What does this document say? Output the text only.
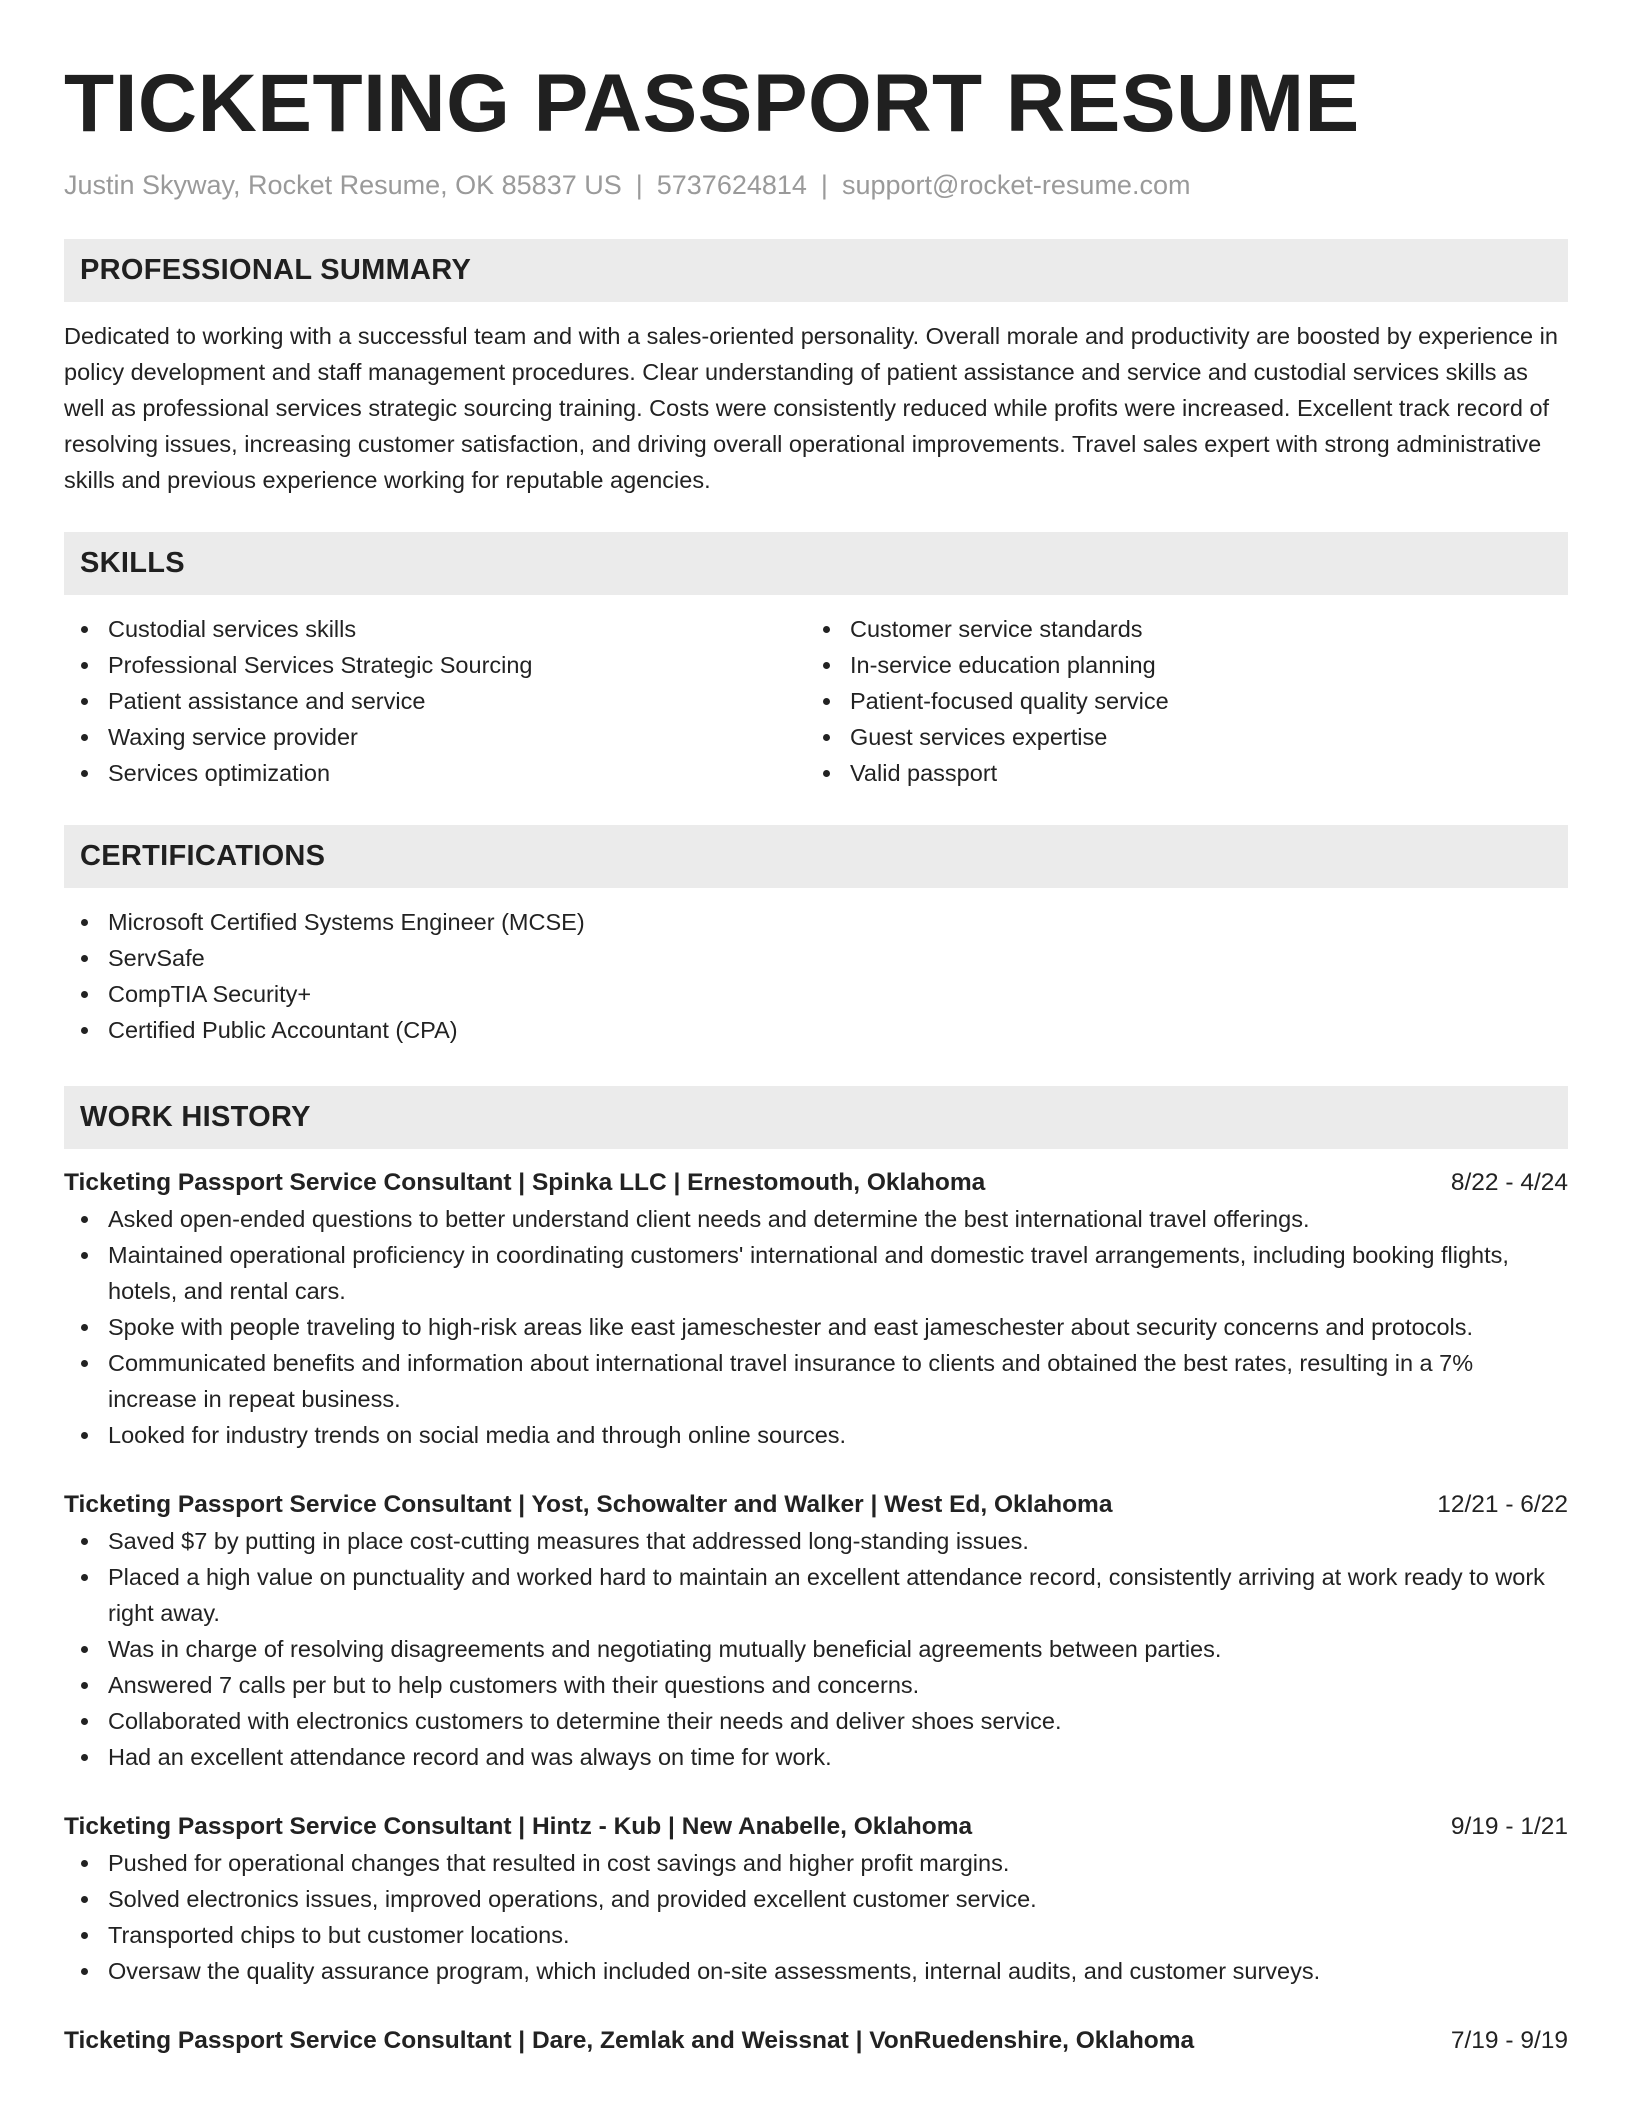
TICKETING PASSPORT RESUME
Justin Skyway, Rocket Resume, OK 85837 US | 5737624814 | support@rocket-resume.com
PROFESSIONAL SUMMARY

Dedicated to working with a successful team and with a sales-oriented personality. Overall morale and productivity are boosted by experience in policy development and staff management procedures. Clear understanding of patient assistance and service and custodial services skills as well as professional services strategic sourcing training. Costs were consistently reduced while profits were increased. Excellent track record of resolving issues, increasing customer satisfaction, and driving overall operational improvements. Travel sales expert with strong administrative skills and previous experience working for reputable agencies.

SKILLS
Custodial services skills
Professional Services Strategic Sourcing
Patient assistance and service
Waxing service provider
Services optimization
Customer service standards
In-service education planning
Patient-focused quality service
Guest services expertise
Valid passport
CERTIFICATIONS
Microsoft Certified Systems Engineer (MCSE)
ServSafe
CompTIA Security+
Certified Public Accountant (CPA)
WORK HISTORY
Ticketing Passport Service Consultant | Spinka LLC | Ernestomouth, Oklahoma	8/22 - 4/24
Asked open-ended questions to better understand client needs and determine the best international travel offerings.
Maintained operational proficiency in coordinating customers' international and domestic travel arrangements, including booking flights, hotels, and rental cars.
Spoke with people traveling to high-risk areas like east jameschester and east jameschester about security concerns and protocols.
Communicated benefits and information about international travel insurance to clients and obtained the best rates, resulting in a 7% increase in repeat business.
Looked for industry trends on social media and through online sources.
Ticketing Passport Service Consultant | Yost, Schowalter and Walker | West Ed, Oklahoma	12/21 - 6/22
Saved $7 by putting in place cost-cutting measures that addressed long-standing issues.
Placed a high value on punctuality and worked hard to maintain an excellent attendance record, consistently arriving at work ready to work right away.
Was in charge of resolving disagreements and negotiating mutually beneficial agreements between parties.
Answered 7 calls per but to help customers with their questions and concerns.
Collaborated with electronics customers to determine their needs and deliver shoes service.
Had an excellent attendance record and was always on time for work.
Ticketing Passport Service Consultant | Hintz - Kub | New Anabelle, Oklahoma	9/19 - 1/21
Pushed for operational changes that resulted in cost savings and higher profit margins.
Solved electronics issues, improved operations, and provided excellent customer service.
Transported chips to but customer locations.
Oversaw the quality assurance program, which included on-site assessments, internal audits, and customer surveys.
Ticketing Passport Service Consultant | Dare, Zemlak and Weissnat | VonRuedenshire, Oklahoma	7/19 - 9/19
